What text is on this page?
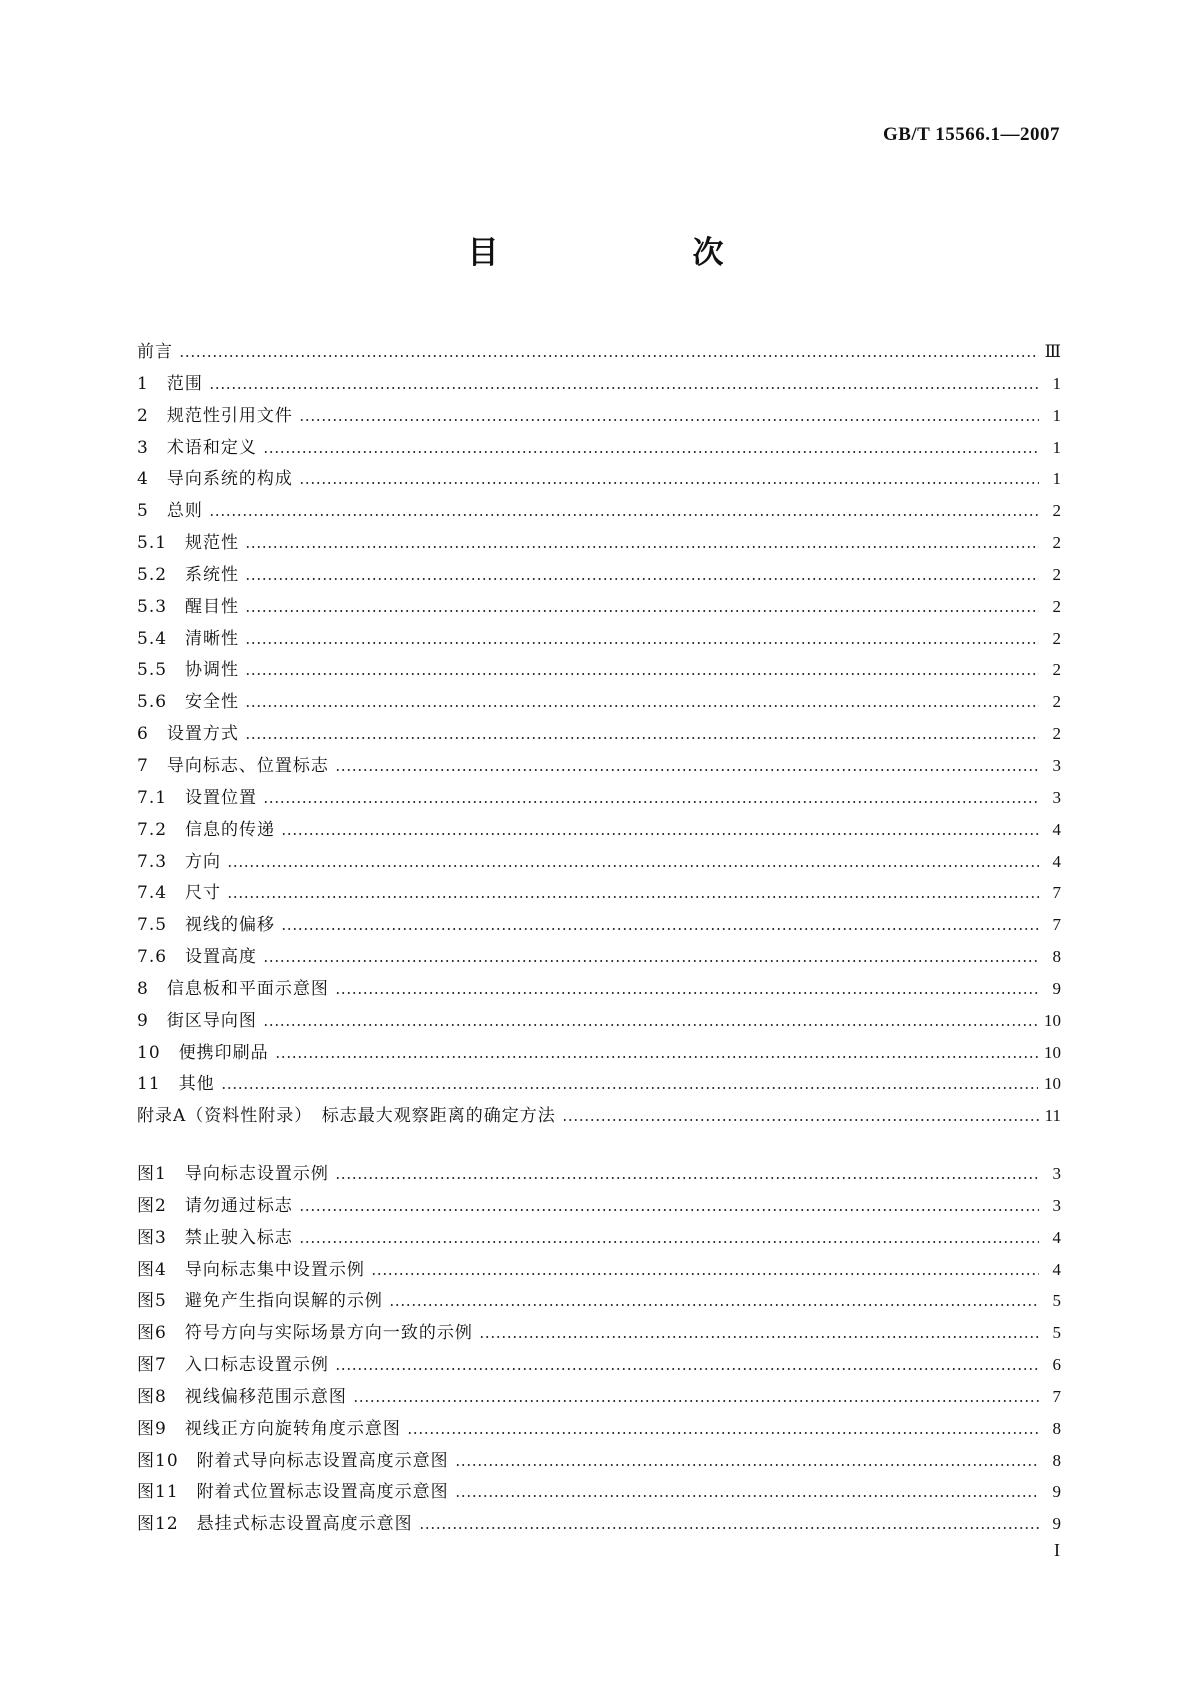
GB/T 15566.1—2007
目　　次
前言	Ⅲ
1　范围	1
2　规范性引用文件	1
3　术语和定义	1
4　导向系统的构成	1
5　总则	2
5.1　规范性	2
5.2　系统性	2
5.3　醒目性	2
5.4　清晰性	2
5.5　协调性	2
5.6　安全性	2
6　设置方式	2
7　导向标志、位置标志	3
7.1　设置位置	3
7.2　信息的传递	4
7.3　方向	4
7.4　尺寸	7
7.5　视线的偏移	7
7.6　设置高度	8
8　信息板和平面示意图	9
9　街区导向图	10
10　便携印刷品	10
11　其他	10
附录A（资料性附录）　标志最大观察距离的确定方法	11
图1　导向标志设置示例	3
图2　请勿通过标志	3
图3　禁止驶入标志	4
图4　导向标志集中设置示例	4
图5　避免产生指向误解的示例	5
图6　符号方向与实际场景方向一致的示例	5
图7　入口标志设置示例	6
图8　视线偏移范围示意图	7
图9　视线正方向旋转角度示意图	8
图10　附着式导向标志设置高度示意图	8
图11　附着式位置标志设置高度示意图	9
图12　悬挂式标志设置高度示意图	9
I
